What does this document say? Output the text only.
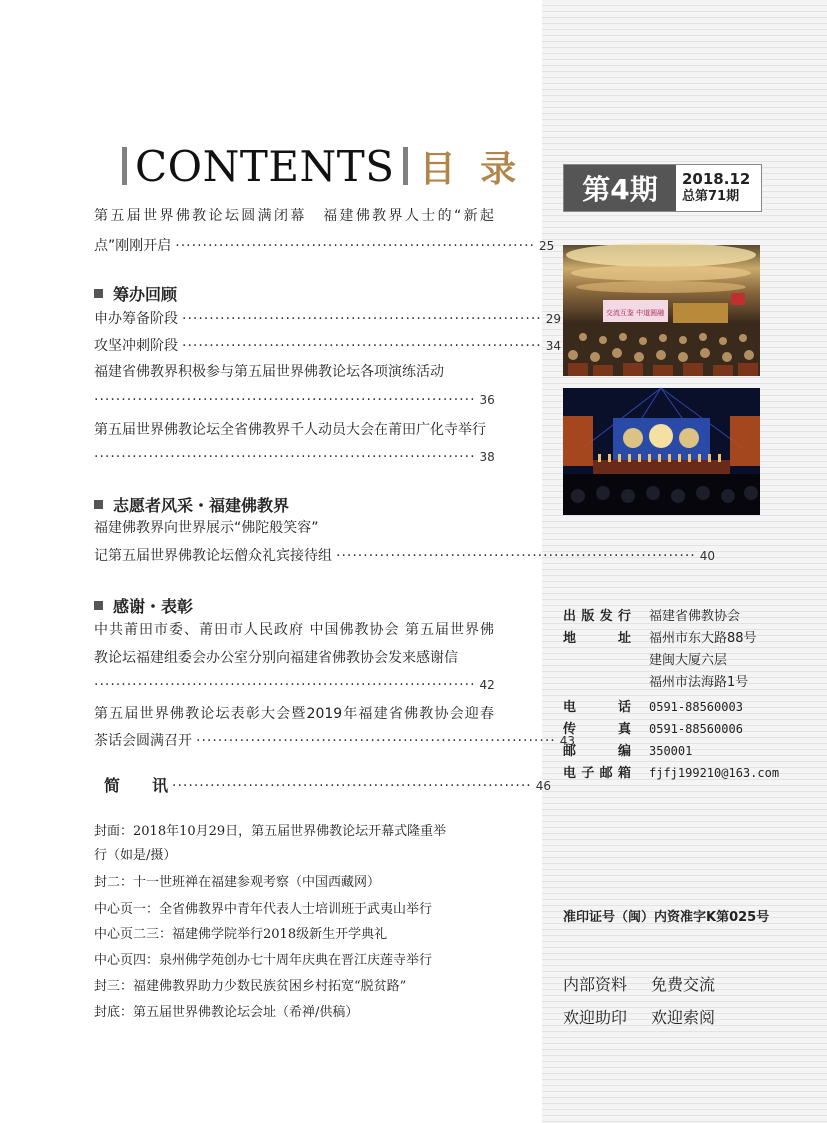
CONTENTS 目 录
第五届世界佛教论坛圆满闭幕　福建佛教界人士的“新起
点”刚刚开启 ·································································· 25
筹办回顾
申办筹备阶段 ·································································· 29
攻坚冲刺阶段 ·································································· 34
福建省佛教界积极参与第五届世界佛教论坛各项演练活动
······································································ 36
第五届世界佛教论坛全省佛教界千人动员大会在莆田广化寺举行
······································································ 38
志愿者风采・福建佛教界
福建佛教界向世界展示“佛陀般笑容”
记第五届世界佛教论坛僧众礼宾接待组 ·································································· 40
感谢・表彰
中共莆田市委、莆田市人民政府 中国佛教协会 第五届世界佛
教论坛福建组委会办公室分别向福建省佛教协会发来感谢信
······································································ 42
第五届世界佛教论坛表彰大会暨2019年福建省佛教协会迎春
茶话会圆满召开 ·································································· 43
简　　讯 ·································································· 46
封面：2018年10月29日，第五届世界佛教论坛开幕式隆重举
行（如是/摄）
封二：十一世班禅在福建参观考察（中国西藏网）
中心页一：全省佛教界中青年代表人士培训班于武夷山举行
中心页二三：福建佛学院举行2018级新生开学典礼
中心页四：泉州佛学苑创办七十周年庆典在晋江庆莲寺举行
封三：福建佛教界助力少数民族贫困乡村拓宽“脱贫路”
封底：第五届世界佛教论坛会址（希禅/供稿）
第4期	2018.12
总第71期
交流互鉴 中道圆融
出版发行 福建省佛教协会
地址 福州市东大路88号
建闽大厦六层
福州市法海路1号
电话 0591-88560003
传真 0591-88560006
邮编 350001
电子邮箱 fjfj199210@163.com
准印证号（闽）内资准字K第025号
内部资料 免费交流
欢迎助印 欢迎索阅
